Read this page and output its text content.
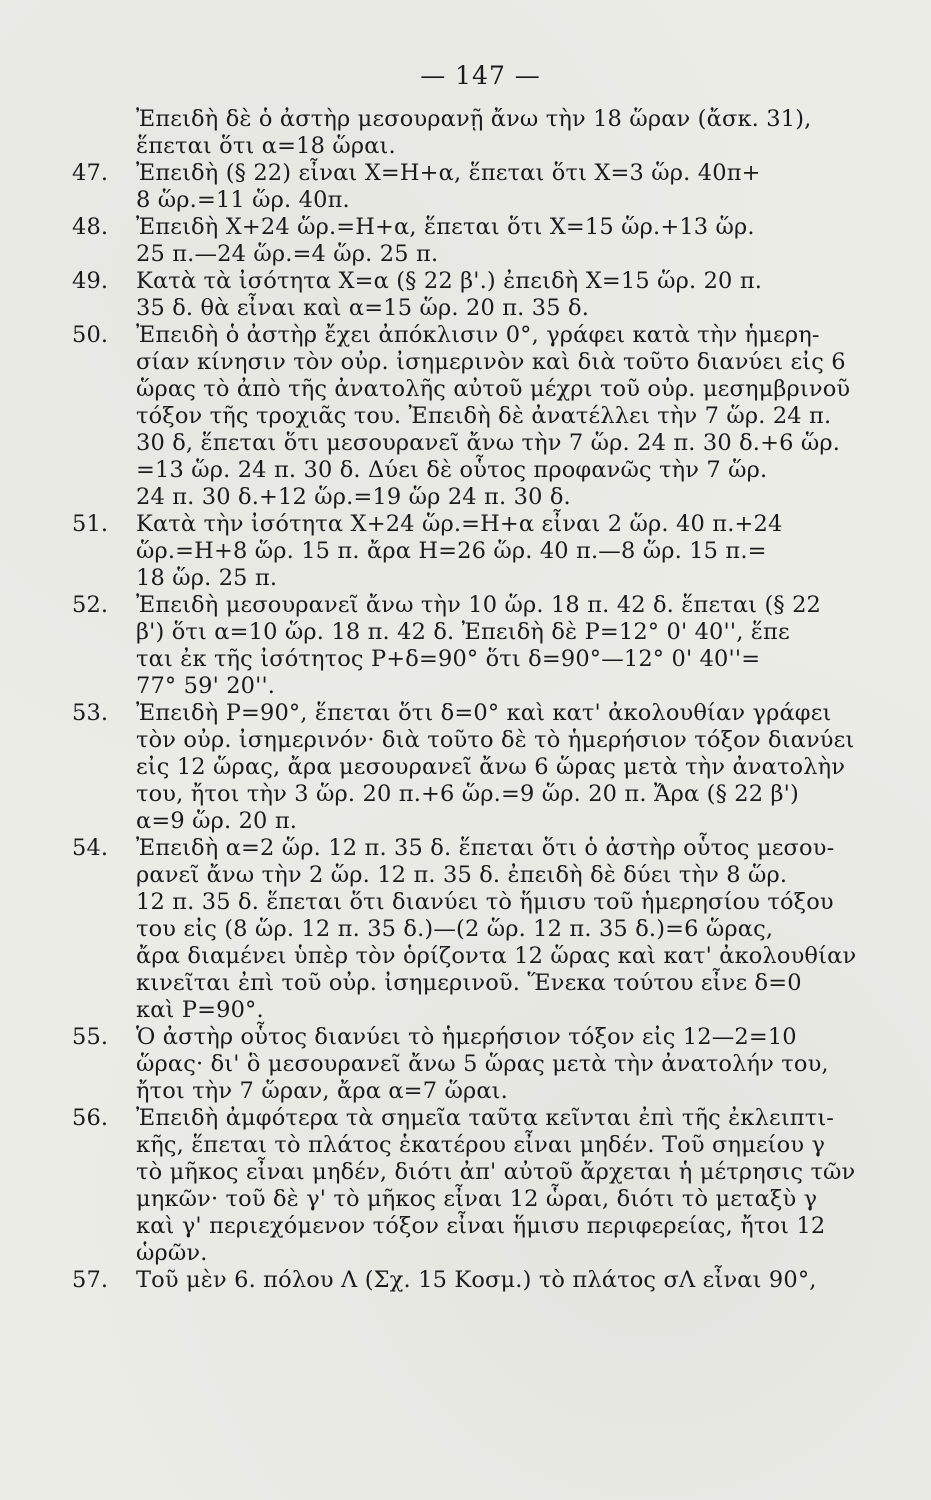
— 147 —
Ἐπειδὴ δὲ ὁ ἀστὴρ μεσουρανῇ ἄνω τὴν 18 ὥραν (ἄσκ. 31),
ἕπεται ὅτι α=18 ὥραι.
47.	Ἐπειδὴ (§ 22) εἶναι Χ=Η+α, ἕπεται ὅτι Χ=3 ὥρ. 40π+
8 ὥρ.=11 ὥρ. 40π.
48.	Ἐπειδὴ Χ+24 ὥρ.=Η+α, ἕπεται ὅτι Χ=15 ὥρ.+13 ὥρ.
25 π.—24 ὥρ.=4 ὥρ. 25 π.
49.	Κατὰ τὰ ἰσότητα Χ=α (§ 22 β'.) ἐπειδὴ Χ=15 ὥρ. 20 π.
35 δ. θὰ εἶναι καὶ α=15 ὥρ. 20 π. 35 δ.
50.	Ἐπειδὴ ὁ ἀστὴρ ἔχει ἀπόκλισιν 0°, γράφει κατὰ τὴν ἡμερη-
σίαν κίνησιν τὸν οὐρ. ἰσημερινὸν καὶ διὰ τοῦτο διανύει εἰς 6
ὥρας τὸ ἀπὸ τῆς ἀνατολῆς αὐτοῦ μέχρι τοῦ οὐρ. μεσημβρινοῦ
τόξον τῆς τροχιᾶς του. Ἐπειδὴ δὲ ἀνατέλλει τὴν 7 ὥρ. 24 π.
30 δ, ἕπεται ὅτι μεσουρανεῖ ἄνω τὴν 7 ὥρ. 24 π. 30 δ.+6 ὥρ.
=13 ὥρ. 24 π. 30 δ. Δύει δὲ οὗτος προφανῶς τὴν 7 ὥρ.
24 π. 30 δ.+12 ὥρ.=19 ὥρ 24 π. 30 δ.
51.	Κατὰ τὴν ἰσότητα Χ+24 ὥρ.=Η+α εἶναι 2 ὥρ. 40 π.+24
ὥρ.=Η+8 ὥρ. 15 π. ἄρα Η=26 ὥρ. 40 π.—8 ὥρ. 15 π.=
18 ὥρ. 25 π.
52.	Ἐπειδὴ μεσουρανεῖ ἄνω τὴν 10 ὥρ. 18 π. 42 δ. ἕπεται (§ 22
β') ὅτι α=10 ὥρ. 18 π. 42 δ. Ἐπειδὴ δὲ Ρ=12° 0' 40'', ἕπε
ται ἐκ τῆς ἰσότητος Ρ+δ=90° ὅτι δ=90°—12° 0' 40''=
77° 59' 20''.
53.	Ἐπειδὴ Ρ=90°, ἕπεται ὅτι δ=0° καὶ κατ' ἀκολουθίαν γράφει
τὸν οὐρ. ἰσημερινόν· διὰ τοῦτο δὲ τὸ ἡμερήσιον τόξον διανύει
εἰς 12 ὥρας, ἄρα μεσουρανεῖ ἄνω 6 ὥρας μετὰ τὴν ἀνατολὴν
του, ἤτοι τὴν 3 ὥρ. 20 π.+6 ὥρ.=9 ὥρ. 20 π. Ἄρα (§ 22 β')
α=9 ὥρ. 20 π.
54.	Ἐπειδὴ α=2 ὥρ. 12 π. 35 δ. ἕπεται ὅτι ὁ ἀστὴρ οὗτος μεσου-
ρανεῖ ἄνω τὴν 2 ὥρ. 12 π. 35 δ. ἐπειδὴ δὲ δύει τὴν 8 ὥρ.
12 π. 35 δ. ἕπεται ὅτι διανύει τὸ ἥμισυ τοῦ ἡμερησίου τόξου
του εἰς (8 ὥρ. 12 π. 35 δ.)—(2 ὥρ. 12 π. 35 δ.)=6 ὥρας,
ἄρα διαμένει ὑπὲρ τὸν ὁρίζοντα 12 ὥρας καὶ κατ' ἀκολουθίαν
κινεῖται ἐπὶ τοῦ οὐρ. ἰσημερινοῦ. Ἕνεκα τούτου εἶνε δ=0
καὶ Ρ=90°.
55.	Ὁ ἀστὴρ οὗτος διανύει τὸ ἡμερήσιον τόξον εἰς 12—2=10
ὥρας· δι' ὃ μεσουρανεῖ ἄνω 5 ὥρας μετὰ τὴν ἀνατολήν του,
ἤτοι τὴν 7 ὥραν, ἄρα α=7 ὥραι.
56.	Ἐπειδὴ ἀμφότερα τὰ σημεῖα ταῦτα κεῖνται ἐπὶ τῆς ἐκλειπτι-
κῆς, ἕπεται τὸ πλάτος ἑκατέρου εἶναι μηδέν. Τοῦ σημείου γ
τὸ μῆκος εἶναι μηδέν, διότι ἀπ' αὐτοῦ ἄρχεται ἡ μέτρησις τῶν
μηκῶν· τοῦ δὲ γ' τὸ μῆκος εἶναι 12 ὧραι, διότι τὸ μεταξὺ γ
καὶ γ' περιεχόμενον τόξον εἶναι ἥμισυ περιφερείας, ἤτοι 12
ὡρῶν.
57.	Τοῦ μὲν 6. πόλου Λ (Σχ. 15 Κοσμ.) τὸ πλάτος σΛ εἶναι 90°,
